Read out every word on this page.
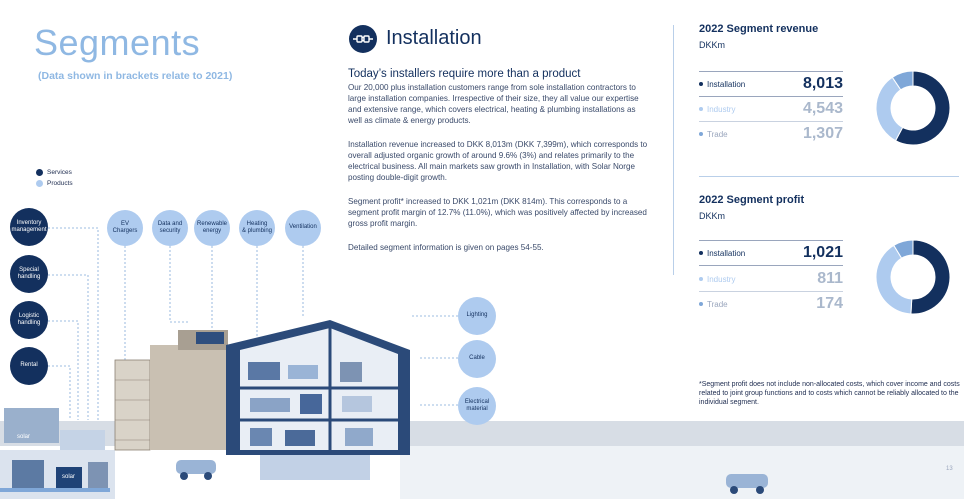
Segments
(Data shown in brackets relate to 2021)
Services
Products
solar
solar
Inventory
management
Special
handling
Logistic
handling
Rental
EV
Chargers
Data and
security
Renewable
energy
Heating
& plumbing
Ventilation
Lighting
Cable
Electrical
material
Installation
Today’s installers require more than a product

Our 20,000 plus installation customers range from sole installation contractors to large installation companies. Irrespective of their size, they all value our expertise and extensive range, which covers electrical, heating & plumbing installations as well as climate & energy products.

Installation revenue increased to DKK 8,013m (DKK 7,399m), which corresponds to overall adjusted organic growth of around 9.6% (3%) and relates primarily to the electrical business. All main markets saw growth in Installation, with Solar Norge posting double-digit growth.

Segment profit* increased to DKK 1,021m (DKK 814m). This corresponds to a segment profit margin of 12.7% (11.0%), which was positively affected by increased gross profit margin.

Detailed segment information is given on pages 54-55.

2022 Segment revenue
DKKm
Installation	8,013
Industry	4,543
Trade	1,307
2022 Segment profit
DKKm
Installation	1,021
Industry	811
Trade	174
*Segment profit does not include non-allocated costs, which cover income and costs related to joint group functions and to costs which cannot be reliably allocated to the individual segment.
13
